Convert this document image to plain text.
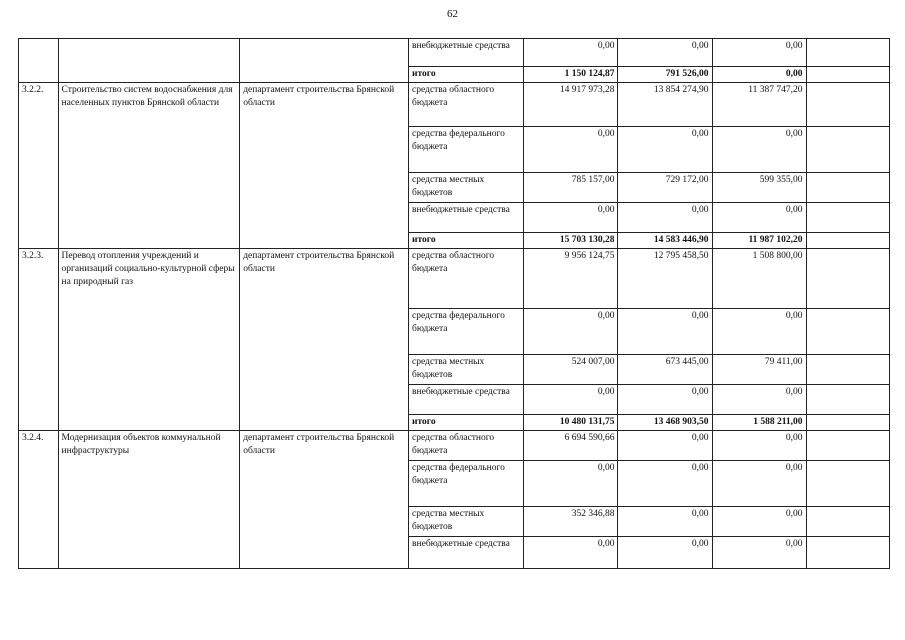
62
			внебюджетные средства	0,00	0,00	0,00	
			итого	1 150 124,87	791 526,00	0,00	
3.2.2.	Строительство систем водоснабжения для населенных пунктов Брянской области	департамент строительства Брянской области	средства областного бюджета	14 917 973,28	13 854 274,90	11 387 747,20	
			средства федерального бюджета	0,00	0,00	0,00	
			средства местных бюджетов	785 157,00	729 172,00	599 355,00	
			внебюджетные средства	0,00	0,00	0,00	
			итого	15 703 130,28	14 583 446,90	11 987 102,20	
3.2.3.	Перевод отопления учреждений и организаций социально-культурной сферы на природный газ	департамент строительства Брянской области	средства областного бюджета	9 956 124,75	12 795 458,50	1 508 800,00	
			средства федерального бюджета	0,00	0,00	0,00	
			средства местных бюджетов	524 007,00	673 445,00	79 411,00	
			внебюджетные средства	0,00	0,00	0,00	
			итого	10 480 131,75	13 468 903,50	1 588 211,00	
3.2.4.	Модернизация объектов коммунальной инфраструктуры	департамент строительства Брянской области	средства областного бюджета	6 694 590,66	0,00	0,00	
			средства федерального бюджета	0,00	0,00	0,00	
			средства местных бюджетов	352 346,88	0,00	0,00	
			внебюджетные средства	0,00	0,00	0,00	
